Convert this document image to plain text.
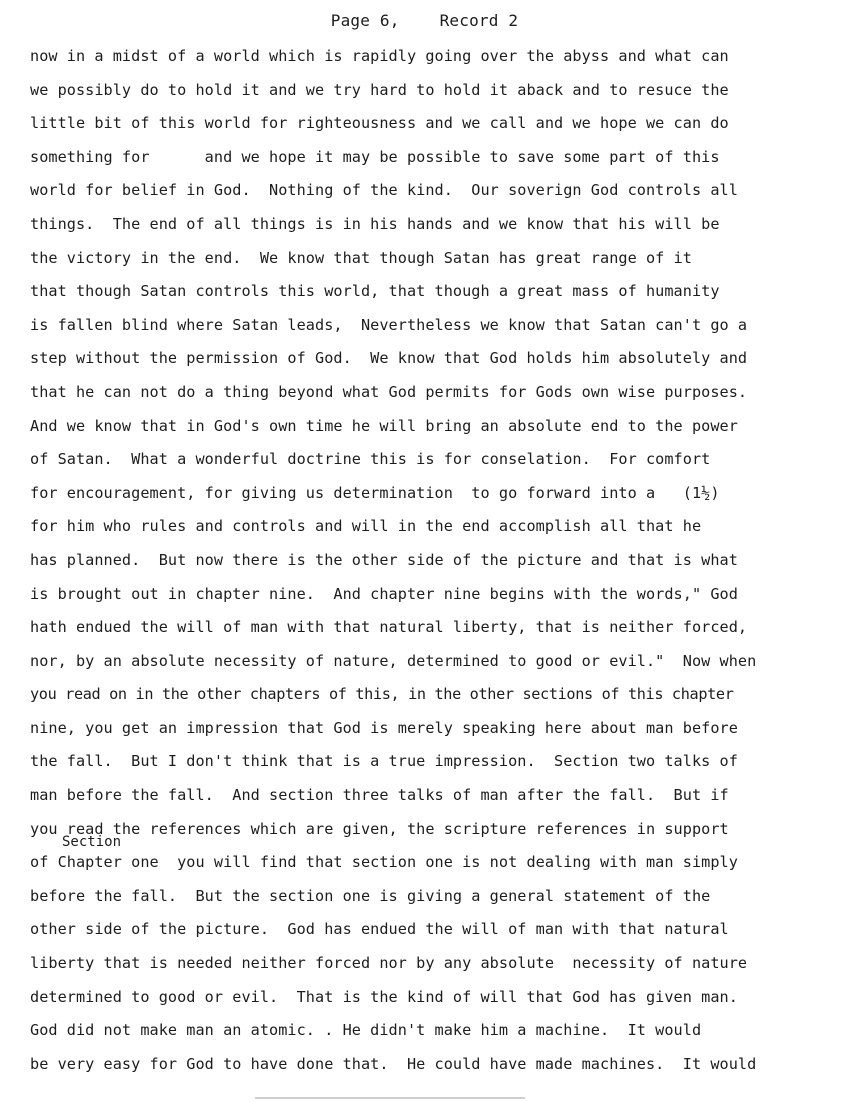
Page 6,	Record 2
Section
now in a midst of a world which is rapidly going over the abyss and what can
we possibly do to hold it and we try hard to hold it aback and to resuce the
little bit of this world for righteousness and we call and we hope we can do
something for      and we hope it may be possible to save some part of this
world for belief in God.  Nothing of the kind.  Our soverign God controls all
things.  The end of all things is in his hands and we know that his will be
the victory in the end.  We know that though Satan has great range of it
that though Satan controls this world, that though a great mass of humanity
is fallen blind where Satan leads,  Nevertheless we know that Satan can't go a
step without the permission of God.  We know that God holds him absolutely and
that he can not do a thing beyond what God permits for Gods own wise purposes.
And we know that in God's own time he will bring an absolute end to the power
of Satan.  What a wonderful doctrine this is for conselation.  For comfort
for encouragement, for giving us determination  to go forward into a   (1½)
for him who rules and controls and will in the end accomplish all that he
has planned.  But now there is the other side of the picture and that is what
is brought out in chapter nine.  And chapter nine begins with the words," God
hath endued the will of man with that natural liberty, that is neither forced,
nor, by an absolute necessity of nature, determined to good or evil."  Now when
you read on in the other chapters of this, in the other sections of this chapter
nine, you get an impression that God is merely speaking here about man before
the fall.  But I don't think that is a true impression.  Section two talks of
man before the fall.  And section three talks of man after the fall.  But if
you read the references which are given, the scripture references in support
of Chapter one  you will find that section one is not dealing with man simply
before the fall.  But the section one is giving a general statement of the
other side of the picture.  God has endued the will of man with that natural
liberty that is needed neither forced nor by any absolute  necessity of nature
determined to good or evil.  That is the kind of will that God has given man.
God did not make man an atomic. . He didn't make him a machine.  It would
be very easy for God to have done that.  He could have made machines.  It would
